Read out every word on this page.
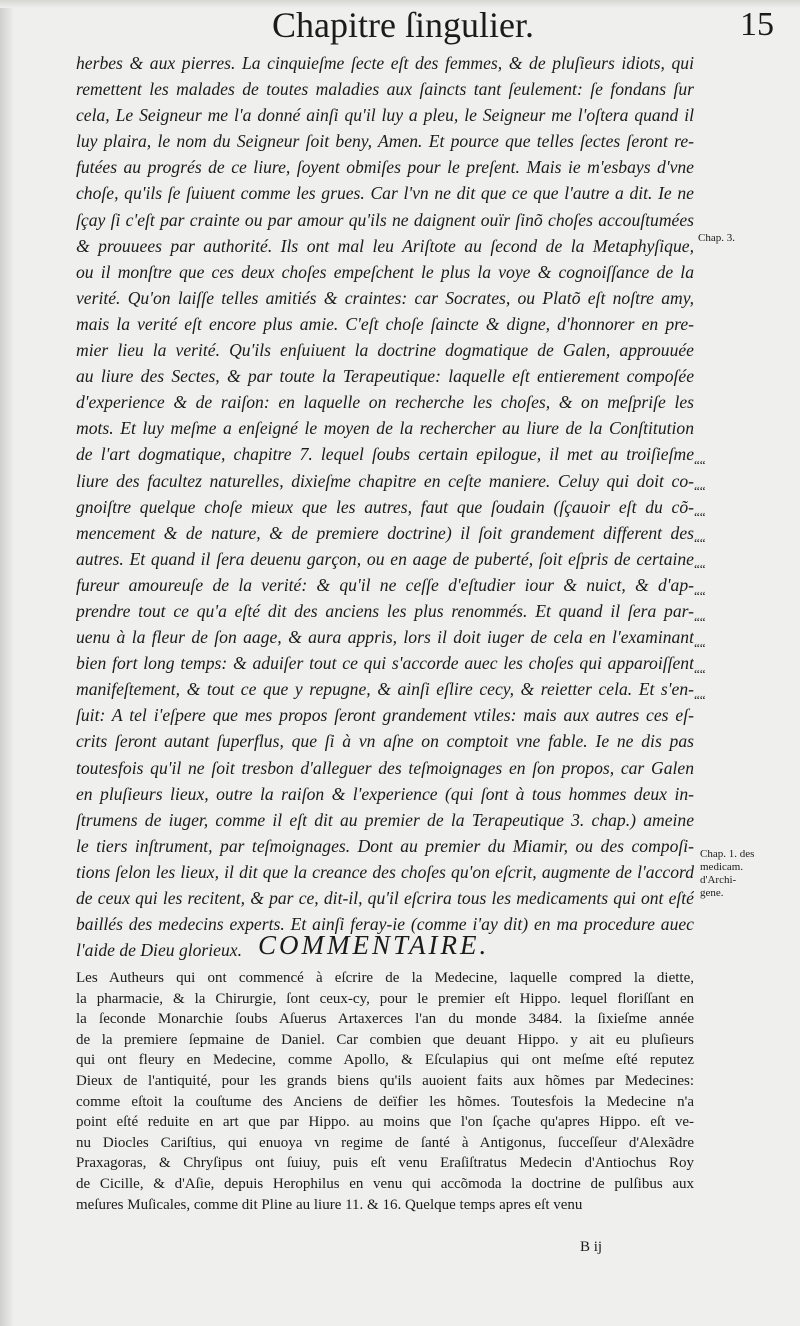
Chapitre ſingulier.	15
herbes & aux pierres. La cinquieſme ſecte eſt des femmes, & de pluſieurs idiots, qui
remettent les malades de toutes maladies aux ſaincts tant ſeulement: ſe fondans ſur
cela, Le Seigneur me l'a donné ainſi qu'il luy a pleu, le Seigneur me l'oſtera quand il
luy plaira, le nom du Seigneur ſoit beny, Amen. Et pource que telles ſectes ſeront re-
futées au progrés de ce liure, ſoyent obmiſes pour le preſent. Mais ie m'esbays d'vne
choſe, qu'ils ſe ſuiuent comme les grues. Car l'vn ne dit que ce que l'autre a dit. Ie ne
ſçay ſi c'eſt par crainte ou par amour qu'ils ne daignent ouïr ſinõ choſes accouſtumées
& prouuees par authorité. Ils ont mal leu Ariſtote au ſecond de la Metaphyſique,
ou il monſtre que ces deux choſes empeſchent le plus la voye & cognoiſſance de la
verité. Qu'on laiſſe telles amitiés & craintes: car Socrates, ou Platõ eſt noſtre amy,
mais la verité eſt encore plus amie. C'eſt choſe ſaincte & digne, d'honnorer en pre-
mier lieu la verité. Qu'ils enſuiuent la doctrine dogmatique de Galen, approuuée
au liure des Sectes, & par toute la Terapeutique: laquelle eſt entierement compoſée
d'experience & de raiſon: en laquelle on recherche les choſes, & on meſpriſe les
mots. Et luy meſme a enſeigné le moyen de la rechercher au liure de la Conſtitution
de l'art dogmatique, chapitre 7. lequel ſoubs certain epilogue, il met au troiſieſme
liure des facultez naturelles, dixieſme chapitre en ceſte maniere. Celuy qui doit co-
gnoiſtre quelque choſe mieux que les autres, faut que ſoudain (ſçauoir eſt du cõ-
mencement & de nature, & de premiere doctrine) il ſoit grandement different des
autres. Et quand il ſera deuenu garçon, ou en aage de puberté, ſoit eſpris de certaine
fureur amoureuſe de la verité: & qu'il ne ceſſe d'eſtudier iour & nuict, & d'ap-
prendre tout ce qu'a eſté dit des anciens les plus renommés. Et quand il ſera par-
uenu à la fleur de ſon aage, & aura appris, lors il doit iuger de cela en l'examinant
bien fort long temps: & aduiſer tout ce qui s'accorde auec les choſes qui apparoiſſent
manifeſtement, & tout ce que y repugne, & ainſi eſlire cecy, & reietter cela. Et s'en-
ſuit: A tel i'eſpere que mes propos ſeront grandement vtiles: mais aux autres ces eſ-
crits ſeront autant ſuperflus, que ſi à vn aſne on comptoit vne fable. Ie ne dis pas
toutesfois qu'il ne ſoit tresbon d'alleguer des teſmoignages en ſon propos, car Galen
en pluſieurs lieux, outre la raiſon & l'experience (qui ſont à tous hommes deux in-
ſtrumens de iuger, comme il eſt dit au premier de la Terapeutique 3. chap.) ameine
le tiers inſtrument, par teſmoignages. Dont au premier du Miamir, ou des compoſi-
tions ſelon les lieux, il dit que la creance des choſes qu'on eſcrit, augmente de l'accord
de ceux qui les recitent, & par ce, dit-il, qu'il eſcrira tous les medicaments qui ont eſté
baillés des medecins experts. Et ainſi feray-ie (comme i'ay dit) en ma procedure auec
l'aide de Dieu glorieux.
““
““
““
““
““
““
““
““
““
““
Chap. 3.
Chap. 1. des
medicam.
d'Archi-
gene.
COMMENTAIRE.
Les Autheurs qui ont commencé à eſcrire de la Medecine, laquelle compred la diette,
la pharmacie, & la Chirurgie, ſont ceux-cy, pour le premier eſt Hippo. lequel floriſſant en
la ſeconde Monarchie ſoubs Aſuerus Artaxerces l'an du monde 3484. la ſixieſme année
de la premiere ſepmaine de Daniel. Car combien que deuant Hippo. y ait eu pluſieurs
qui ont fleury en Medecine, comme Apollo, & Eſculapius qui ont meſme eſté reputez
Dieux de l'antiquité, pour les grands biens qu'ils auoient faits aux hõmes par Medecines:
comme eſtoit la couſtume des Anciens de deïfier les hõmes. Toutesfois la Medecine n'a
point eſté reduite en art que par Hippo. au moins que l'on ſçache qu'apres Hippo. eſt ve-
nu Diocles Cariſtius, qui enuoya vn regime de ſanté à Antigonus, ſucceſſeur d'Alexãdre
Praxagoras, & Chryſipus ont ſuiuy, puis eſt venu Eraſiſtratus Medecin d'Antiochus Roy
de Cicille, & d'Aſie, depuis Herophilus en venu qui accõmoda la doctrine de pulſibus aux
meſures Muſicales, comme dit Pline au liure 11. & 16. Quelque temps apres eſt venu
B ij
